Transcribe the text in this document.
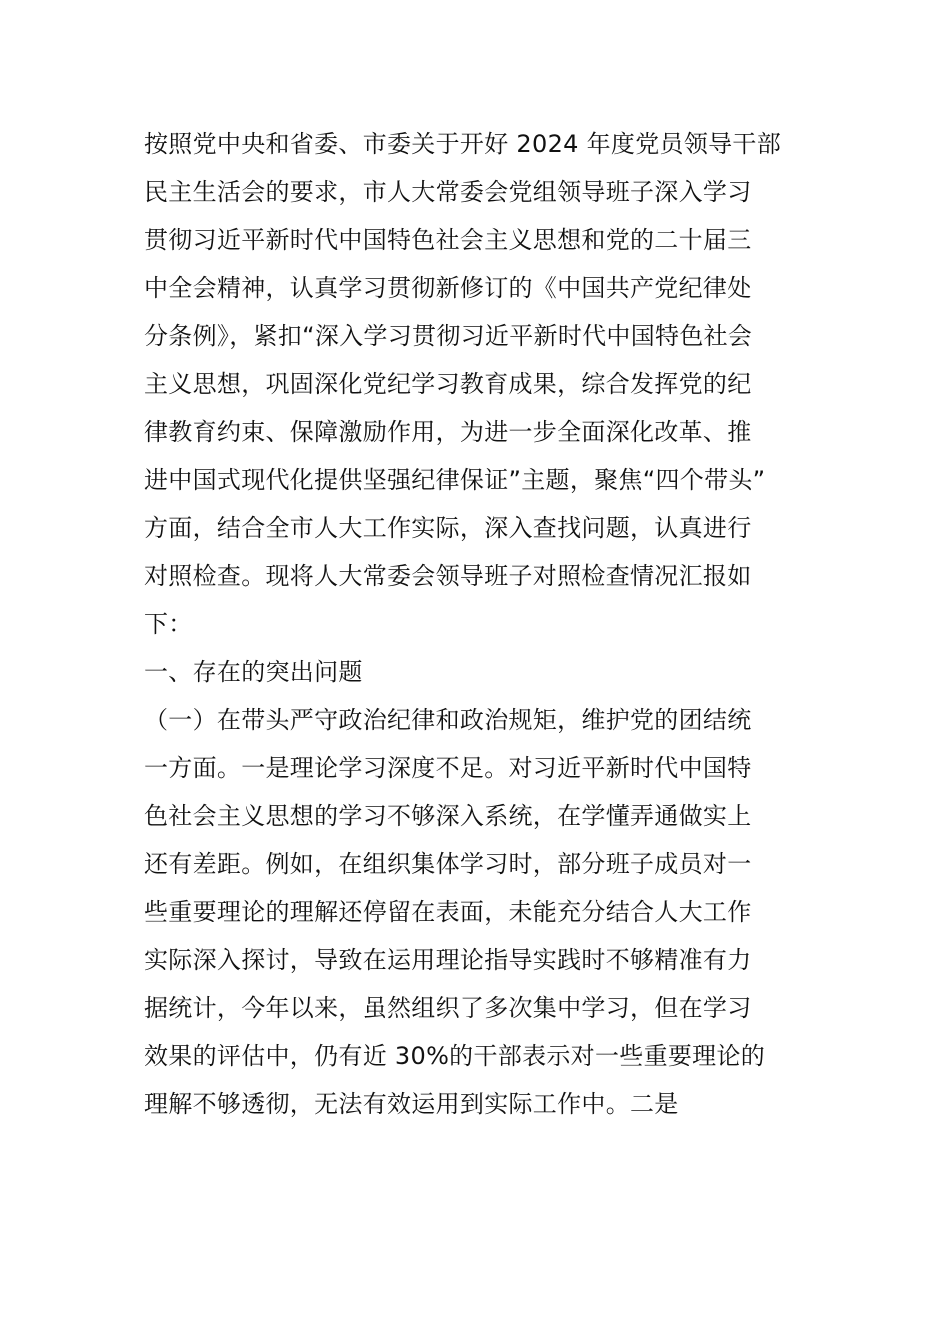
按照党中央和省委、市委关于开好 2024 年度党员领导干部
民主生活会的要求，市人大常委会党组领导班子深入学习
贯彻习近平新时代中国特色社会主义思想和党的二十届三
中全会精神，认真学习贯彻新修订的《中国共产党纪律处
分条例》，紧扣“深入学习贯彻习近平新时代中国特色社会
主义思想，巩固深化党纪学习教育成果，综合发挥党的纪
律教育约束、保障激励作用，为进一步全面深化改革、推
进中国式现代化提供坚强纪律保证”主题，聚焦“四个带头”
方面，结合全市人大工作实际，深入查找问题，认真进行
对照检查。现将人大常委会领导班子对照检查情况汇报如
下：
一、存在的突出问题
（一）在带头严守政治纪律和政治规矩，维护党的团结统
一方面。一是理论学习深度不足。对习近平新时代中国特
色社会主义思想的学习不够深入系统，在学懂弄通做实上
还有差距。例如，在组织集体学习时，部分班子成员对一
些重要理论的理解还停留在表面，未能充分结合人大工作
实际深入探讨，导致在运用理论指导实践时不够精准有力
据统计，今年以来，虽然组织了多次集中学习，但在学习
效果的评估中，仍有近 30%的干部表示对一些重要理论的
理解不够透彻，无法有效运用到实际工作中。二是
